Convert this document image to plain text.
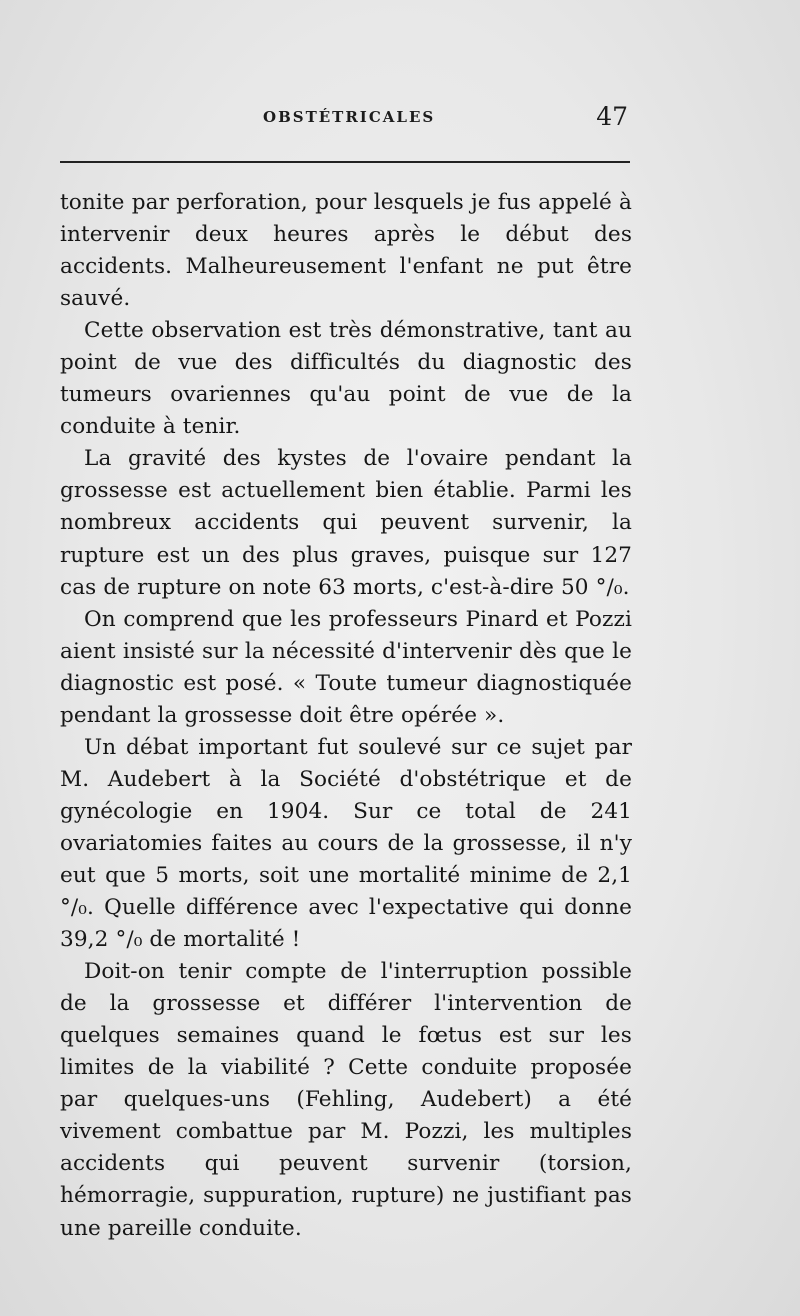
OBSTÉTRICALES	47

tonite par perforation, pour lesquels je fus appelé à intervenir deux heures après le début des accidents. Malheureusement l'enfant ne put être sauvé.

Cette observation est très démonstrative, tant au point de vue des difficultés du diagnostic des tumeurs ovariennes qu'au point de vue de la conduite à tenir.

La gravité des kystes de l'ovaire pendant la grossesse est actuellement bien établie. Parmi les nombreux accidents qui peuvent survenir, la rupture est un des plus graves, puisque sur 127 cas de rupture on note 63 morts, c'est-à-dire 50 °/₀.

On comprend que les professeurs Pinard et Pozzi aient insisté sur la nécessité d'intervenir dès que le diagnostic est posé. « Toute tumeur diagnostiquée pendant la grossesse doit être opérée ».

Un débat important fut soulevé sur ce sujet par M. Audebert à la Société d'obstétrique et de gynécologie en 1904. Sur ce total de 241 ovariatomies faites au cours de la grossesse, il n'y eut que 5 morts, soit une mortalité minime de 2,1 °/₀. Quelle différence avec l'expectative qui donne 39,2 °/₀ de mortalité !

Doit-on tenir compte de l'interruption possible de la grossesse et différer l'intervention de quelques semaines quand le fœtus est sur les limites de la viabilité ? Cette conduite proposée par quelques-uns (Fehling, Audebert) a été vivement combattue par M. Pozzi, les multiples accidents qui peuvent survenir (torsion, hémorragie, suppuration, rupture) ne justifiant pas une pareille conduite.
